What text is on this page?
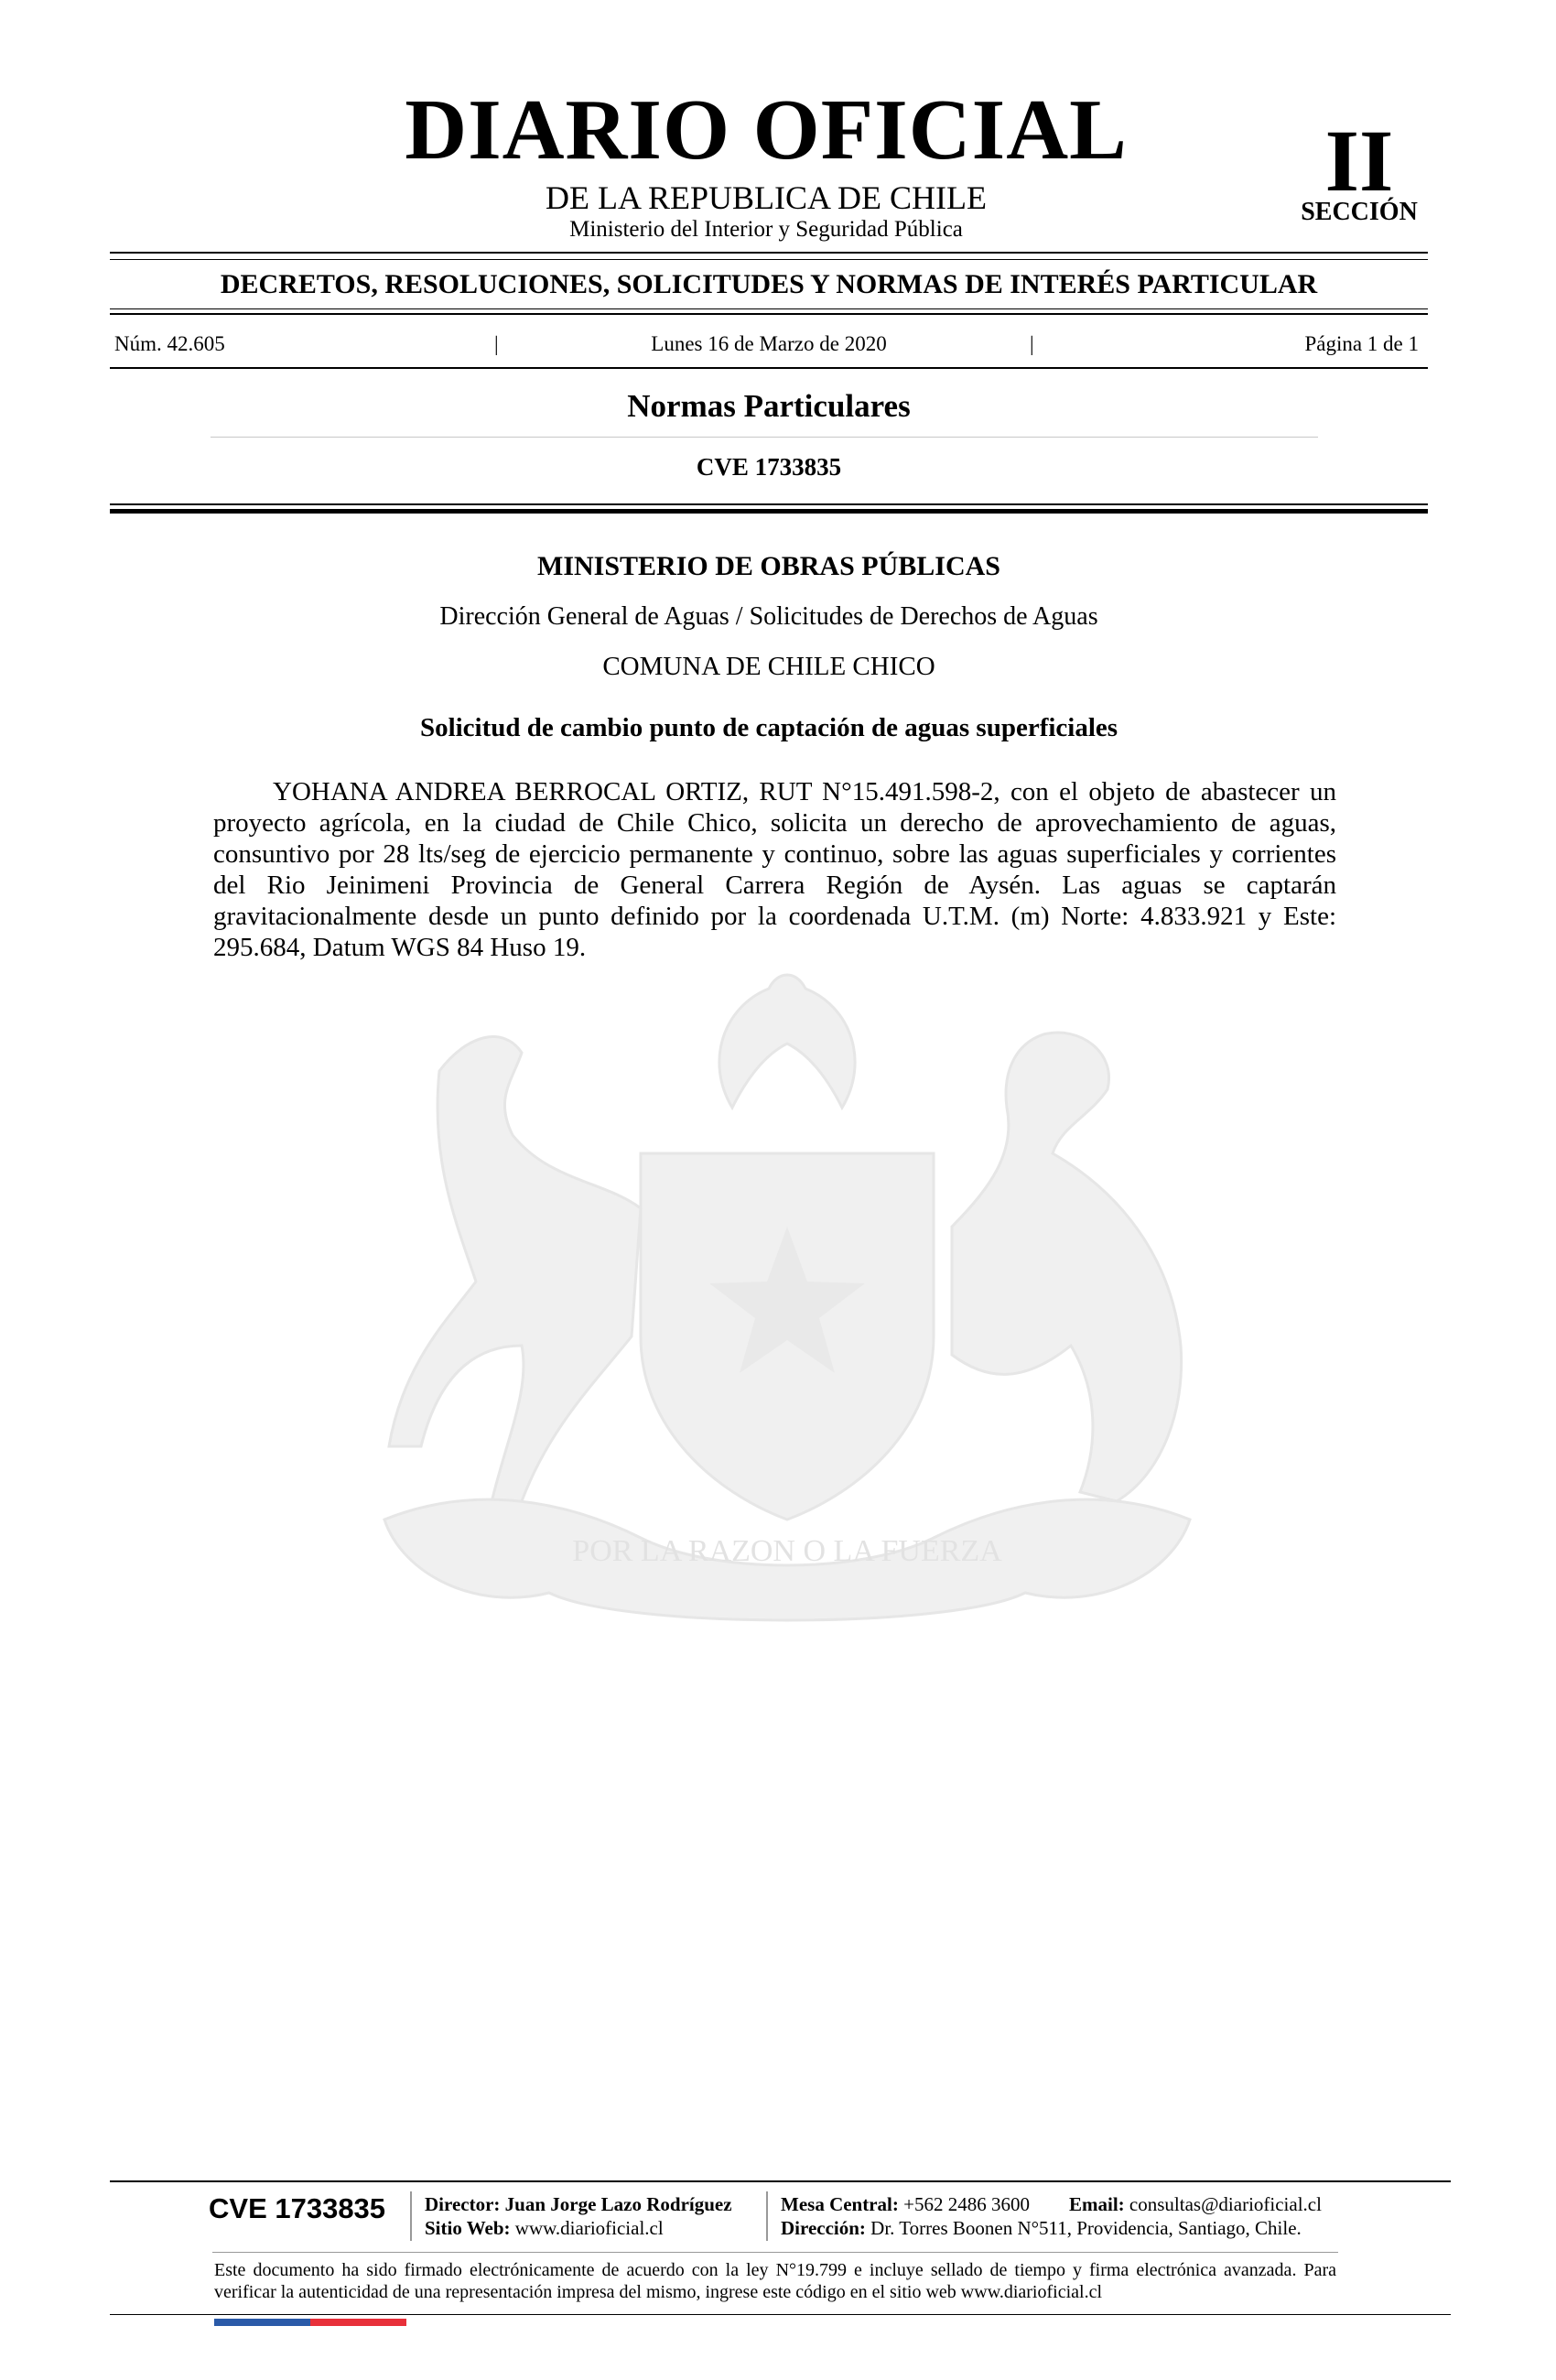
DIARIO OFICIAL
DE LA REPUBLICA DE CHILE
Ministerio del Interior y Seguridad Pública
II
SECCIÓN
DECRETOS, RESOLUCIONES, SOLICITUDES Y NORMAS DE INTERÉS PARTICULAR
Núm. 42.605	|	Lunes 16 de Marzo de 2020	|	Página 1 de 1
Normas Particulares
CVE 1733835
POR LA RAZON O LA FUERZA
MINISTERIO DE OBRAS PÚBLICAS
Dirección General de Aguas / Solicitudes de Derechos de Aguas
COMUNA DE CHILE CHICO
Solicitud de cambio punto de captación de aguas superficiales
YOHANA ANDREA BERROCAL ORTIZ, RUT N°15.491.598-2, con el objeto de abastecer un proyecto agrícola, en la ciudad de Chile Chico, solicita un derecho de aprovechamiento de aguas, consuntivo por 28 lts/seg de ejercicio permanente y continuo, sobre las aguas superficiales y corrientes del Rio Jeinimeni Provincia de General Carrera Región de Aysén. Las aguas se captarán gravitacionalmente desde un punto definido por la coordenada U.T.M. (m) Norte: 4.833.921 y Este: 295.684, Datum WGS 84 Huso 19.
CVE 1733835 Director: Juan Jorge Lazo Rodríguez
Sitio Web: www.diarioficial.cl
Mesa Central: +562 2486 3600 Email: consultas@diarioficial.cl
Dirección: Dr. Torres Boonen N°511, Providencia, Santiago, Chile.
Este documento ha sido firmado electrónicamente de acuerdo con la ley N°19.799 e incluye sellado de tiempo y firma electrónica avanzada. Para verificar la autenticidad de una representación impresa del mismo, ingrese este código en el sitio web www.diarioficial.cl
